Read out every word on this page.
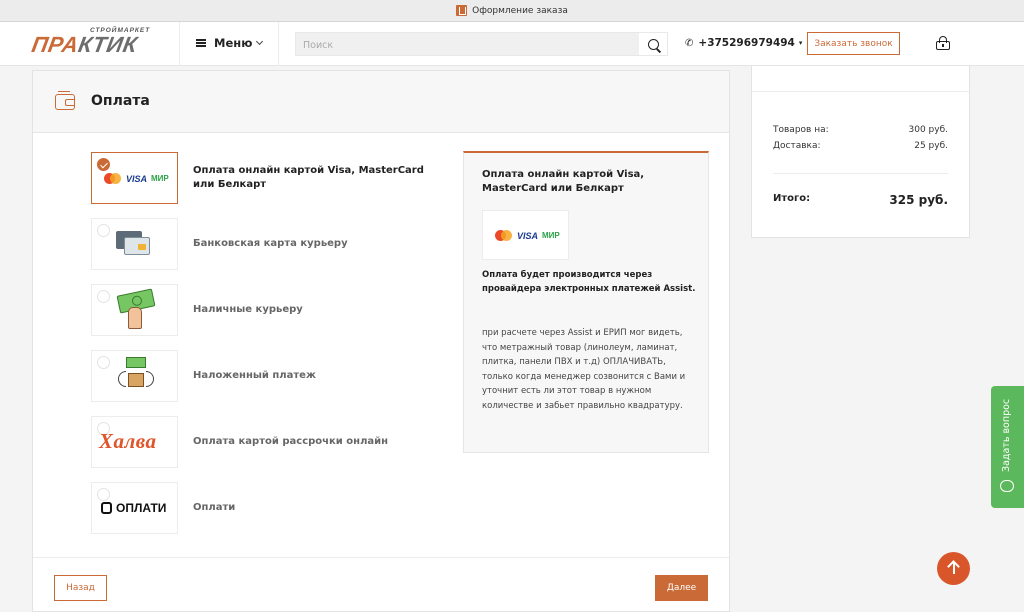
Оформление заказа
СТРОЙМАРКЕТ
ПРАКТИК	Меню
Поиск	✆ +375296979494 ▾	Заказать звонок
Оплата
VISA МИР
Оплата онлайн картой Visa, MasterCard или Белкарт
Банковская карта курьеру
Наличные курьеру
Наложенный платеж
Халва	Оплата картой рассрочки онлайн
ОПЛАТИ	Оплати
Оплата онлайн картой Visa, MasterCard или Белкарт
VISA МИР
Оплата будет производится через провайдера электронных платежей Assist.
при расчете через Assist и ЕРИП мог видеть, что метражный товар (линолеум, ламинат, плитка, панели ПВХ и т.д) ОПЛАЧИВАТЬ, только когда менеджер созвонится с Вами и уточнит есть ли этот товар в нужном количестве и забьет правильно квадратуру.
Назад	Далее
Товаров на:	300 руб.
Доставка:	25 руб.
Итого:	325 руб.
Задать вопрос
